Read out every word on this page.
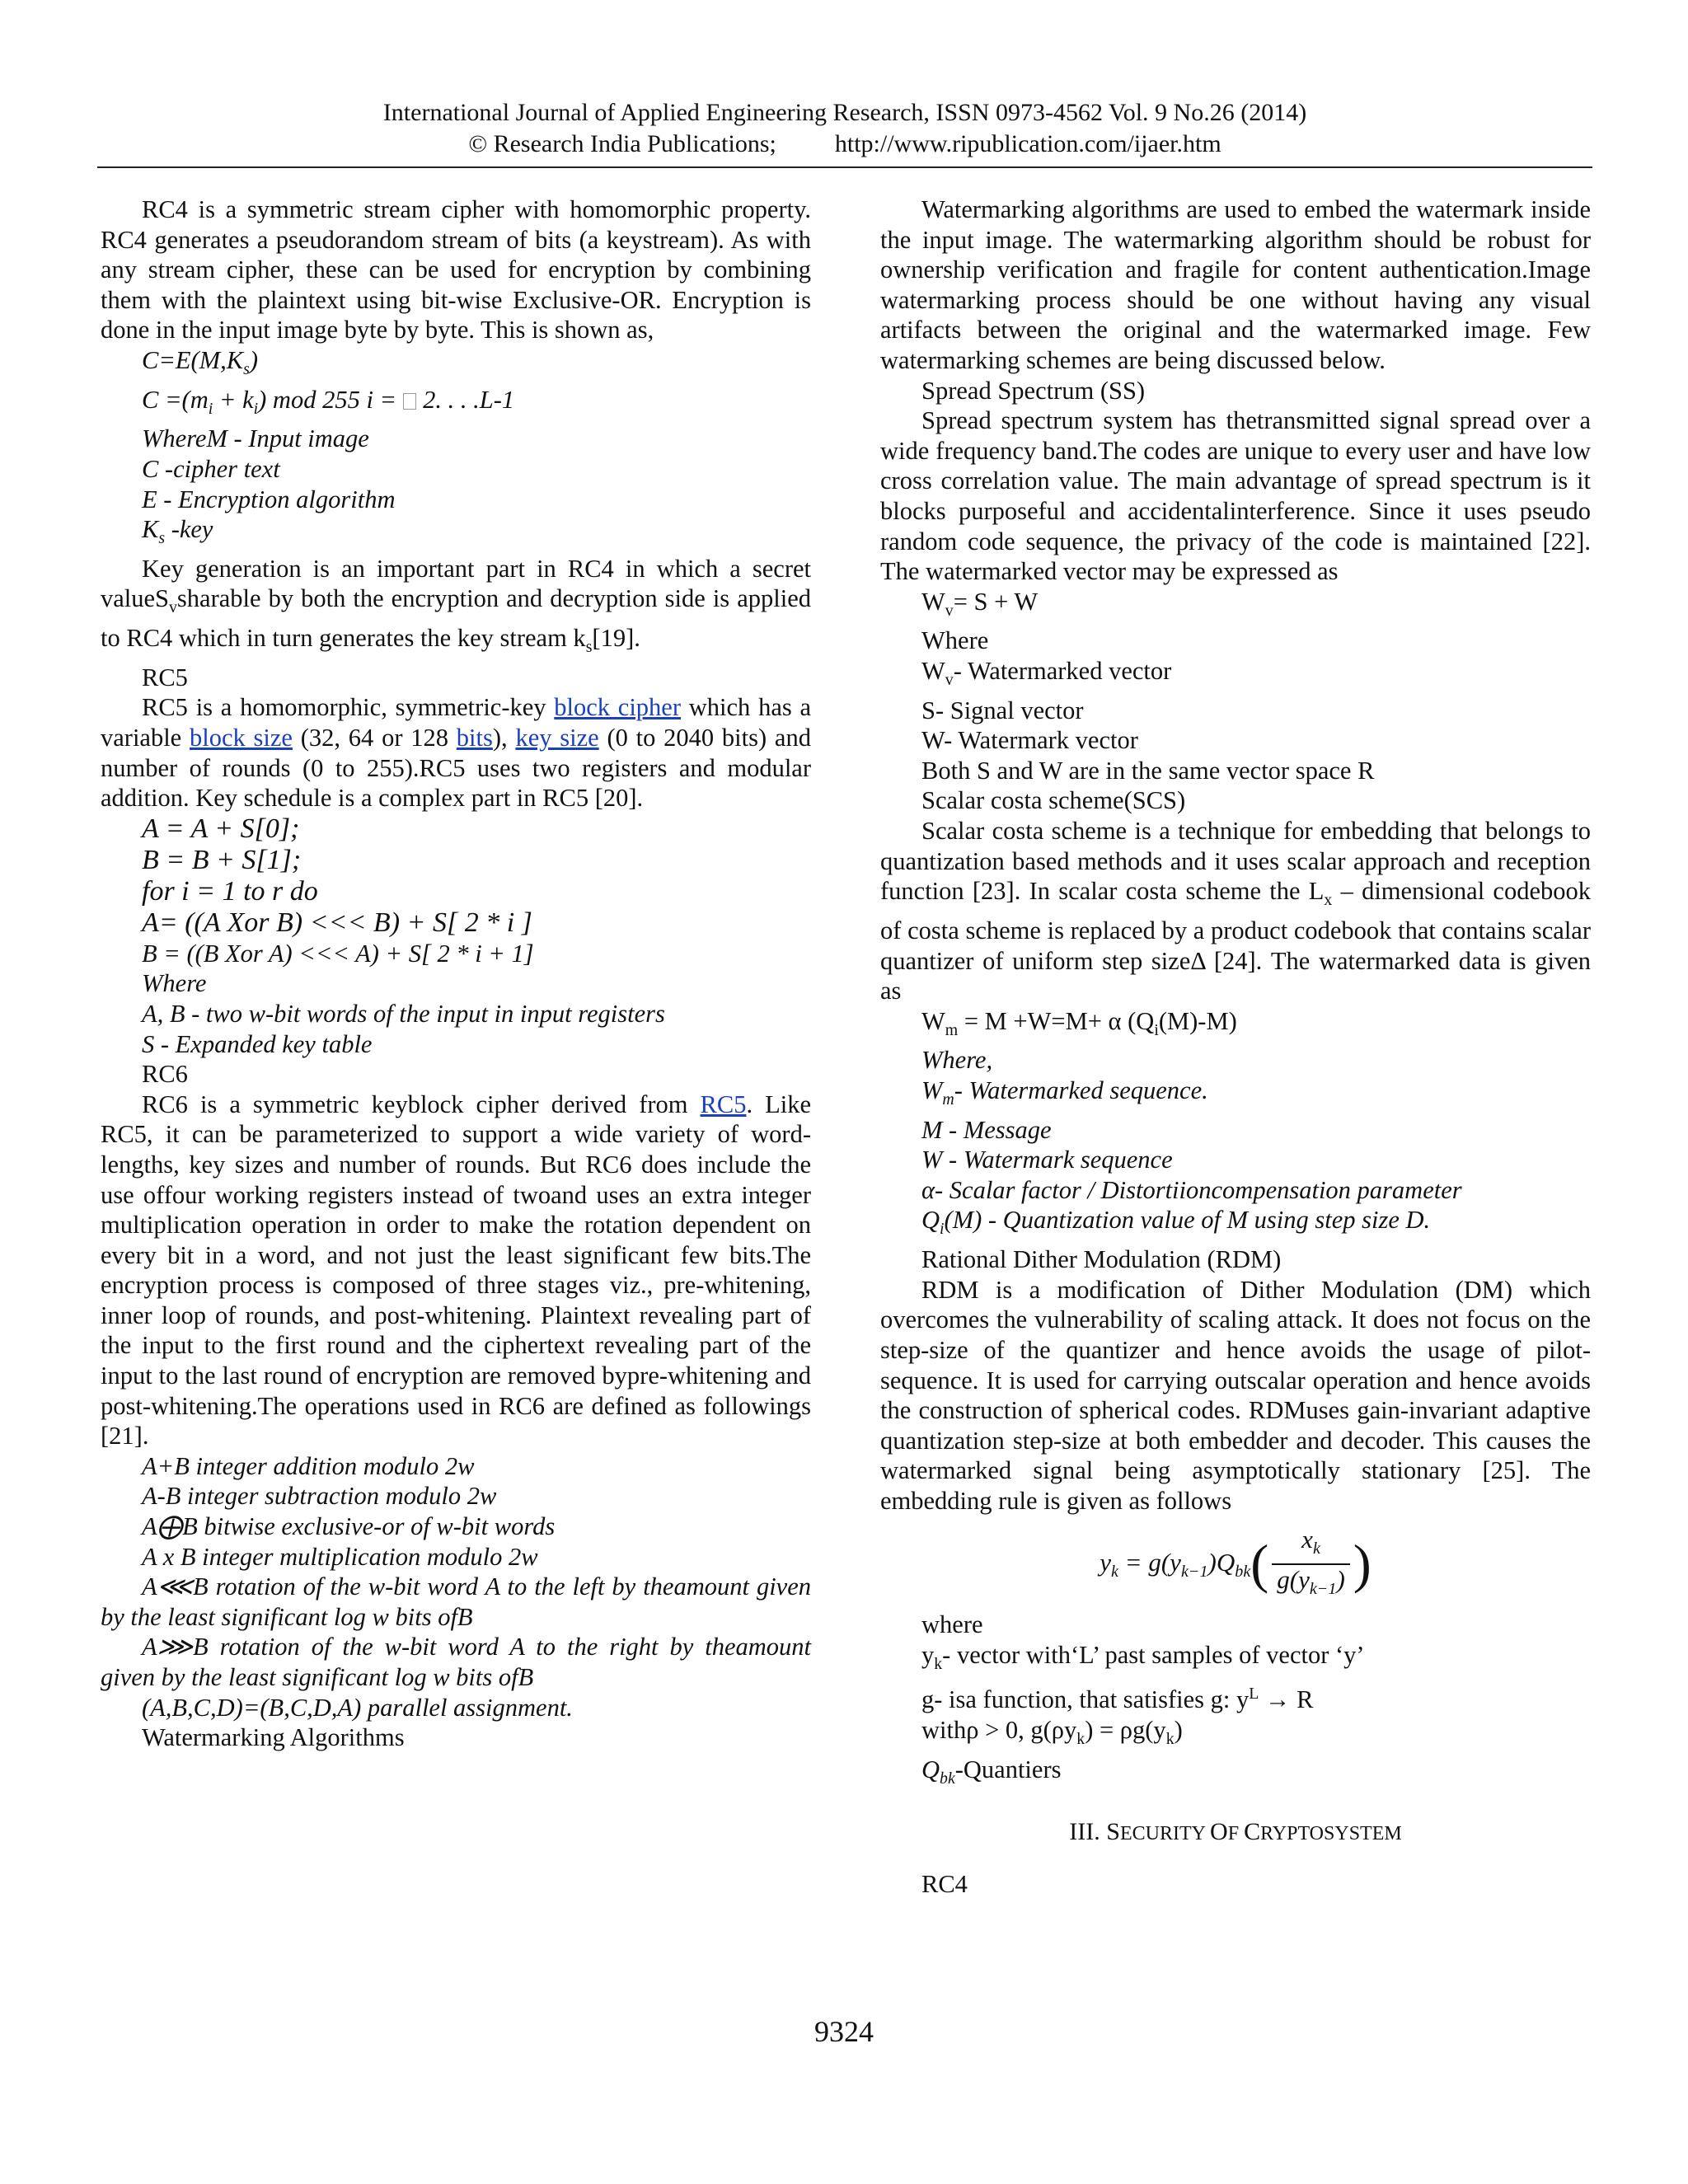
International Journal of Applied Engineering Research, ISSN 0973-4562 Vol. 9 No.26 (2014)
© Research India Publications; http://www.ripublication.com/ijaer.htm

RC4 is a symmetric stream cipher with homomorphic property. RC4 generates a pseudorandom stream of bits (a keystream). As with any stream cipher, these can be used for encryption by combining them with the plaintext using bit-wise Exclusive-OR. Encryption is done in the input image byte by byte. This is shown as,

$C=E(M,K_s)$
$C =(m_i + k_i)$ mod 255 i = 2. . . .L-1
WhereM - Input image
C -cipher text
E - Encryption algorithm
$K_s$ -key

Key generation is an important part in RC4 in which a secret valueS$_v$sharable by both the encryption and decryption side is applied to RC4 which in turn generates the key stream $k_s[19]$.

RC5

RC5 is a homomorphic, symmetric-key block cipher which has a variable block size (32, 64 or 128 bits), key size (0 to 2040 bits) and number of rounds (0 to 255).RC5 uses two registers and modular addition. Key schedule is a complex part in RC5 [20].

A = A + S[0];
B = B + S[1];
for i = 1 to r do
A= ((A Xor B) <<< B) + S[ 2 * i ]
B = ((B Xor A) <<< A) + S[ 2 * i + 1]
Where
A, B - two w-bit words of the input in input registers
S - Expanded key table
RC6

RC6 is a symmetric keyblock cipher derived from RC5. Like RC5, it can be parameterized to support a wide variety of word-lengths, key sizes and number of rounds. But RC6 does include the use offour working registers instead of twoand uses an extra integer multiplication operation in order to make the rotation dependent on every bit in a word, and not just the least significant few bits.The encryption process is composed of three stages viz., pre-whitening, inner loop of rounds, and post-whitening. Plaintext revealing part of the input to the first round and the ciphertext revealing part of the input to the last round of encryption are removed bypre-whitening and post-whitening.The operations used in RC6 are defined as followings [21].

A+B integer addition modulo 2w
A-B integer subtraction modulo 2w
A⨁B bitwise exclusive-or of w-bit words
A x B integer multiplication modulo 2w

A⋘B rotation of the w-bit word A to the left by theamount given by the least significant log w bits ofB

A⋙B rotation of the w-bit word A to the right by theamount given by the least significant log w bits ofB

(A,B,C,D)=(B,C,D,A) parallel assignment.
Watermarking Algorithms

Watermarking algorithms are used to embed the watermark inside the input image. The watermarking algorithm should be robust for ownership verification and fragile for content authentication.Image watermarking process should be one without having any visual artifacts between the original and the watermarked image. Few watermarking schemes are being discussed below.

Spread Spectrum (SS)

Spread spectrum system has thetransmitted signal spread over a wide frequency band.The codes are unique to every user and have low cross correlation value. The main advantage of spread spectrum is it blocks purposeful and accidentalinterference. Since it uses pseudo random code sequence, the privacy of the code is maintained [22]. The watermarked vector may be expressed as

$W_v= S + W$
Where
$W_v-$ Watermarked vector
S- Signal vector
W- Watermark vector
Both S and W are in the same vector space R
Scalar costa scheme(SCS)

Scalar costa scheme is a technique for embedding that belongs to quantization based methods and it uses scalar approach and reception function [23]. In scalar costa scheme the $L_x$ – dimensional codebook of costa scheme is replaced by a product codebook that contains scalar quantizer of uniform step sizeΔ [24]. The watermarked data is given as

$W_m = M +W=M+ \alpha$ $(Q_i(M)-M)$
Where,
$W_m-$ Watermarked sequence.
M - Message
W - Watermark sequence
α- Scalar factor / Distortiioncompensation parameter
$Q_i(M)$ - Quantization value of M using step size D.
Rational Dither Modulation (RDM)

RDM is a modification of Dither Modulation (DM) which overcomes the vulnerability of scaling attack. It does not focus on the step-size of the quantizer and hence avoids the usage of pilot-sequence. It is used for carrying outscalar operation and hence avoids the construction of spherical codes. RDMuses gain-invariant adaptive quantization step-size at both embedder and decoder. This causes the watermarked signal being asymptotically stationary [25]. The embedding rule is given as follows

$y_k = g(y_{k-1})Q_{bk}( \frac{x_k}{g(y_{k-1})}$ )
where
$y_k-$ vector with‘L’ past samples of vector ‘y’
g- isa function, that satisfies g: $y^L \to R$
withρ > 0, $g(\rho y_k) = \rho g(y_k)$
$Q_{bk}$-Quantiers
III. SECURITY OF CRYPTOSYSTEM
RC4
9324
